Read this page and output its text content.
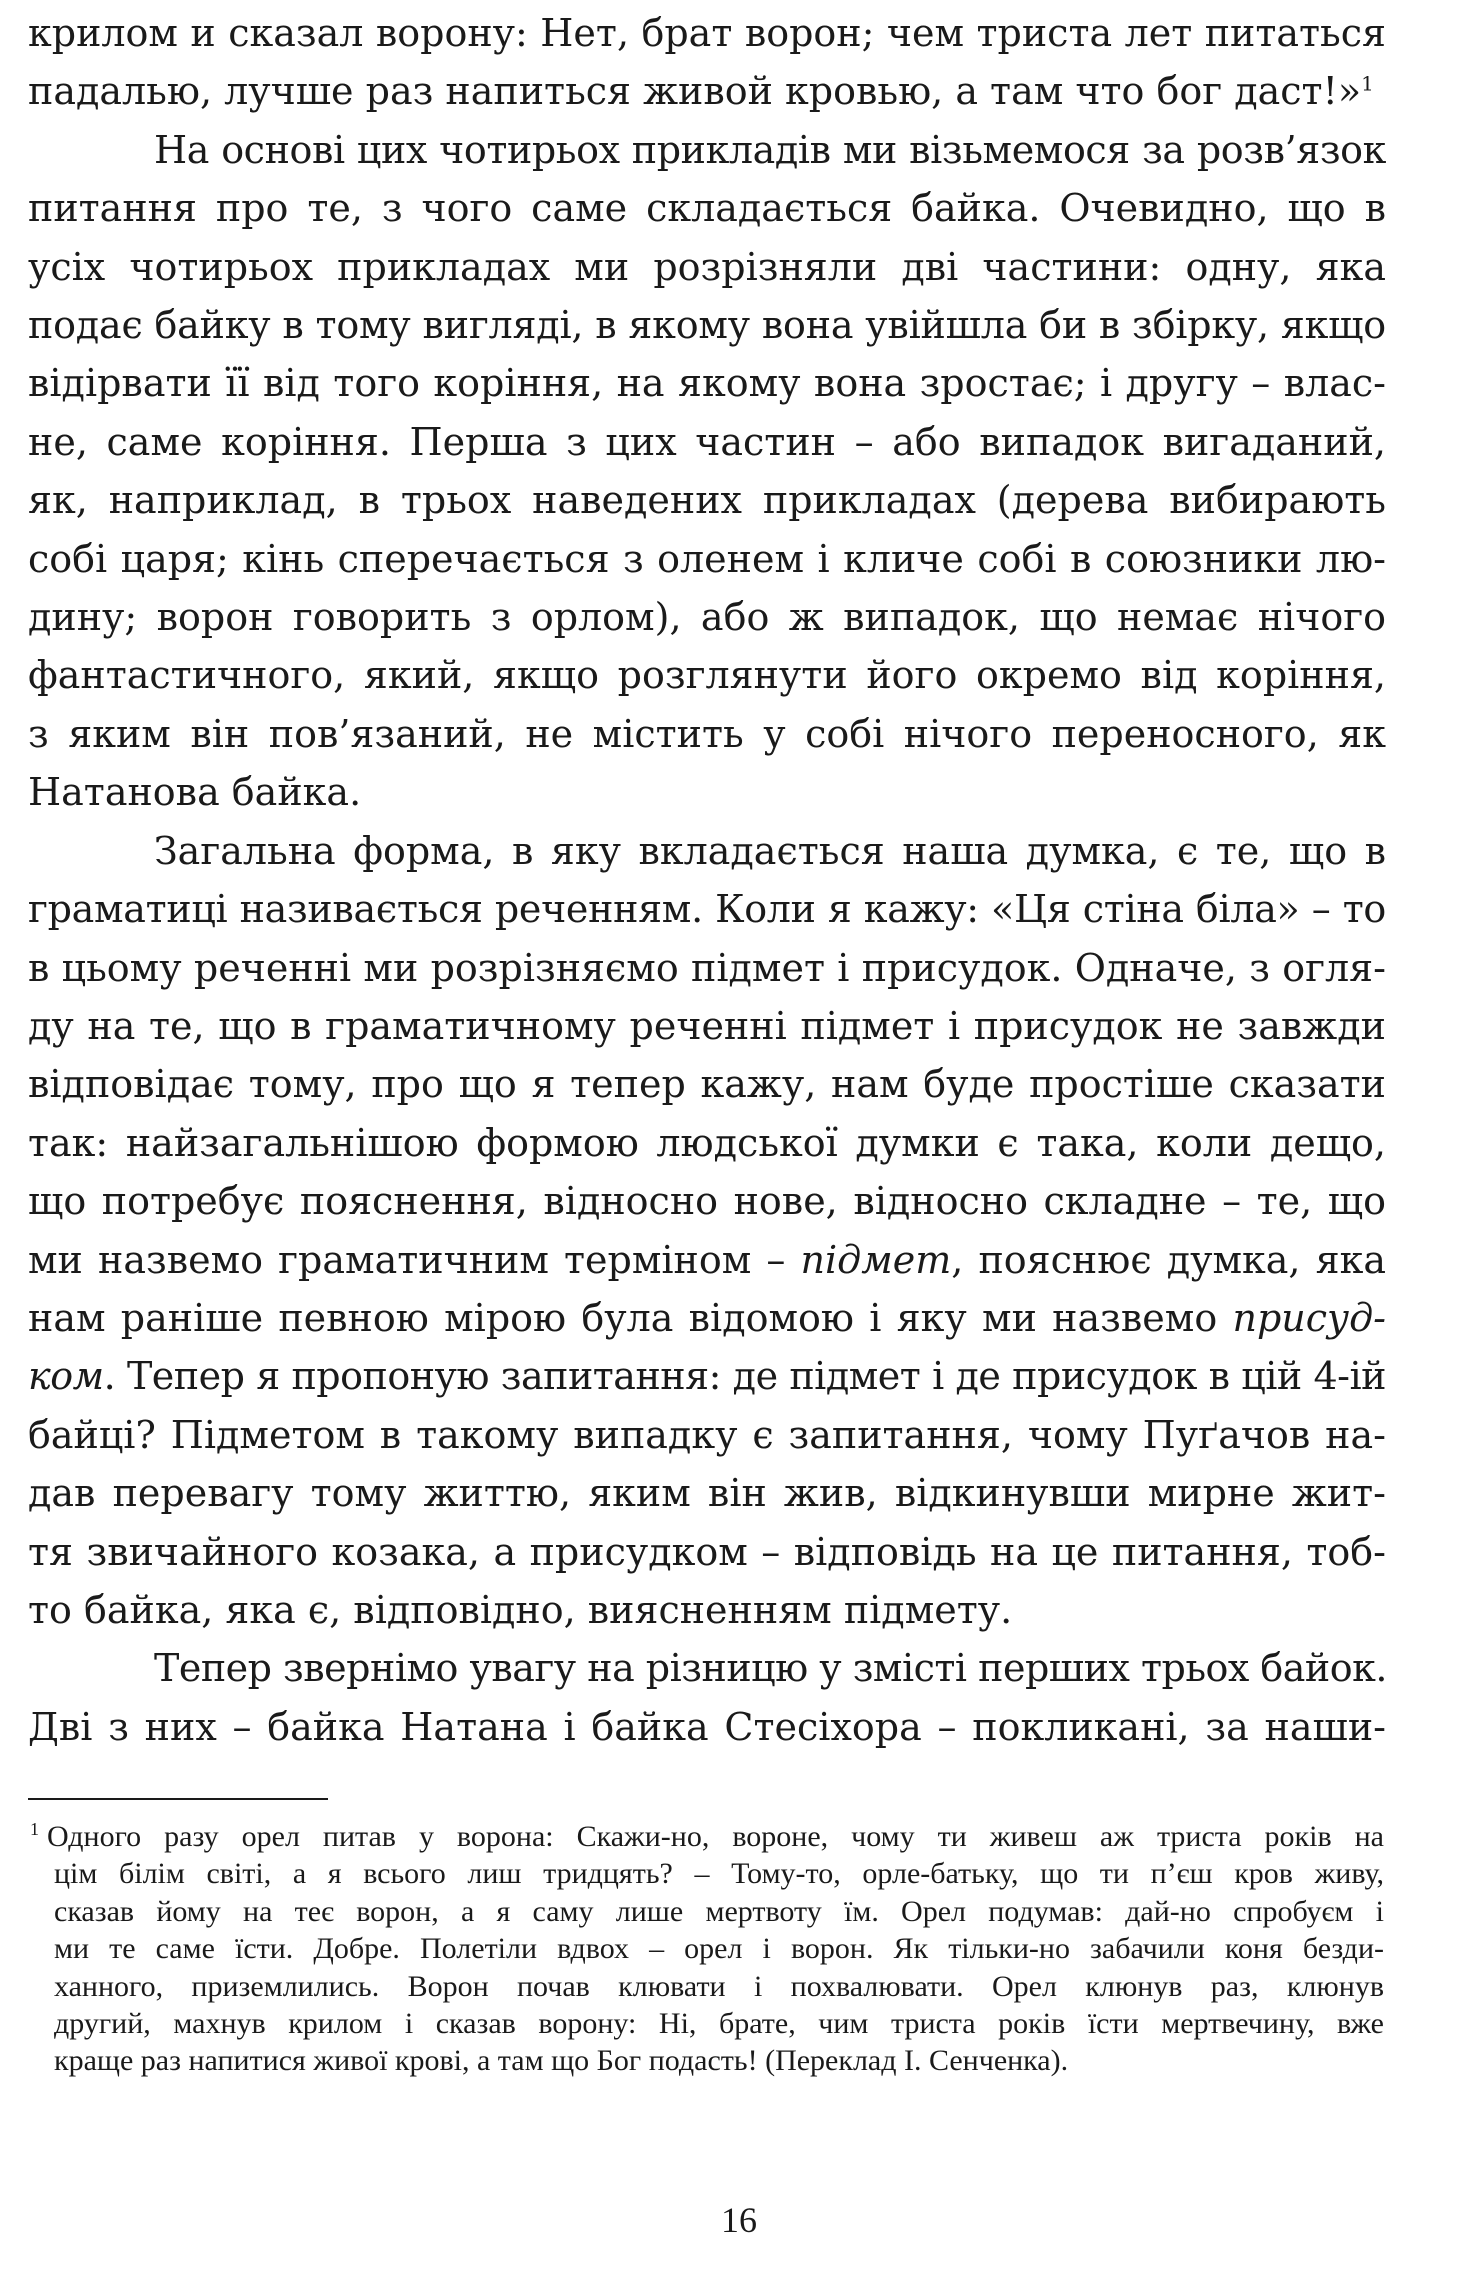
крилом и сказал ворону: Нет, брат ворон; чем триста лет питаться
падалью, лучше раз напиться живой кровью, а там что бог даст!»$^1$
На основі цих чотирьох прикладів ми візьмемося за розв’язок
питання про те, з чого саме складається байка. Очевидно, що в
усіх чотирьох прикладах ми розрізняли дві частини: одну, яка
подає байку в тому вигляді, в якому вона увійшла би в збірку, якщо
відірвати її від того коріння, на якому вона зростає; і другу – влас-
не, саме коріння. Перша з цих частин – або випадок вигаданий,
як, наприклад, в трьох наведених прикладах (дерева вибирають
собі царя; кінь сперечається з оленем і кличе собі в союзники лю-
дину; ворон говорить з орлом), або ж випадок, що немає нічого
фантастичного, який, якщо розглянути його окремо від коріння,
з яким він пов’язаний, не містить у собі нічого переносного, як
Натанова байка.
Загальна форма, в яку вкладається наша думка, є те, що в
граматиці називається реченням. Коли я кажу: «Ця стіна біла» – то
в цьому реченні ми розрізняємо підмет і присудок. Одначе, з огля-
ду на те, що в граматичному реченні підмет і присудок не завжди
відповідає тому, про що я тепер кажу, нам буде простіше сказати
так: найзагальнішою формою людської думки є така, коли дещо,
що потребує пояснення, відносно нове, відносно складне – те, що
ми назвемо граматичним терміном – підмет, пояснює думка, яка
нам раніше певною мірою була відомою і яку ми назвемо присуд-
ком. Тепер я пропоную запитання: де підмет і де присудок в цій 4-ій
байці? Підметом в такому випадку є запитання, чому Пуґачов на-
дав перевагу тому життю, яким він жив, відкинувши мирне жит-
тя звичайного козака, а присудком – відповідь на це питання, тоб-
то байка, яка є, відповідно, виясненням підмету.
Тепер звернімо увагу на різницю у змісті перших трьох байок.
Дві з них – байка Натана і байка Стесіхора – покликані, за наши-
$^1$ Одного разу орел питав у ворона: Скажи-но, вороне, чому ти живеш аж триста років на
цім білім світі, а я всього лиш тридцять? – Тому-то, орле-батьку, що ти п’єш кров живу,
сказав йому на теє ворон, а я саму лише мертвоту їм. Орел подумав: дай-но спробуєм і
ми те саме їсти. Добре. Полетіли вдвох – орел і ворон. Як тільки-но забачили коня безди-
ханного, приземлились. Ворон почав клювати і похвалювати. Орел клюнув раз, клюнув
другий, махнув крилом і сказав ворону: Ні, брате, чим триста років їсти мертвечину, вже
краще раз напитися живої крові, а там що Бог подасть! (Переклад І. Сенченка).
16
